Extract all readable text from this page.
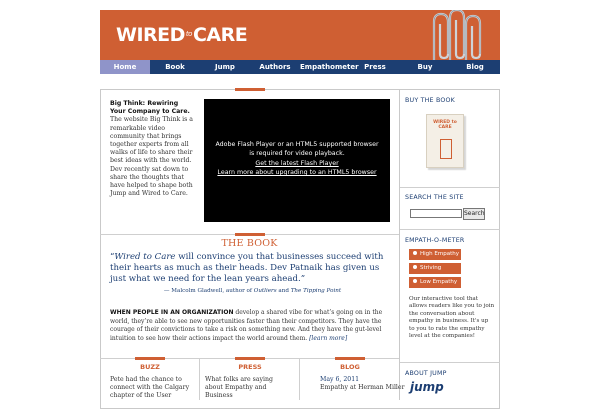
$WIRED^{to}CARE$
Home	Book	Jump	Authors	Empathometer Press	Buy	Blog
Big Think: Rewiring Your Company to Care. The website Big Think is a remarkable video community that brings together experts from all walks of life to share their best ideas with the world. Dev recently sat down to share the thoughts that have helped to shape both Jump and Wired to Care.
Adobe Flash Player or an HTML5 supported browser is required for video playback.
Get the latest Flash Player
Learn more about upgrading to an HTML5 browser
THE BOOK
“Wired to Care will convince you that businesses succeed with their hearts as much as their heads. Dev Patnaik has given us just what we need for the lean years ahead.”
— Malcolm Gladwell, author of Outliers and The Tipping Point
WHEN PEOPLE IN AN ORGANIZATION develop a shared vibe for what’s going on in the world, they’re able to see new opportunities faster than their competitors. They have the courage of their convictions to take a risk on something new. And they have the gut-level intuition to see how their actions impact the world around them. [learn more]
BUZZ
Pete had the chance to connect with the Calgary chapter of the User
PRESS
What folks are saying about Empathy and Business
BLOG
May 6, 2011
Empathy at Herman Miller
BUY THE BOOK
WIRED to CARE
SEARCH THE SITE
Search
EMPATH-O-METER
High Empathy
Striving
Low Empathy
Our interactive tool that allows readers like you to join the conversation about empathy in business. It's up to you to rate the empathy level at the companies!
ABOUT JUMP
jump
